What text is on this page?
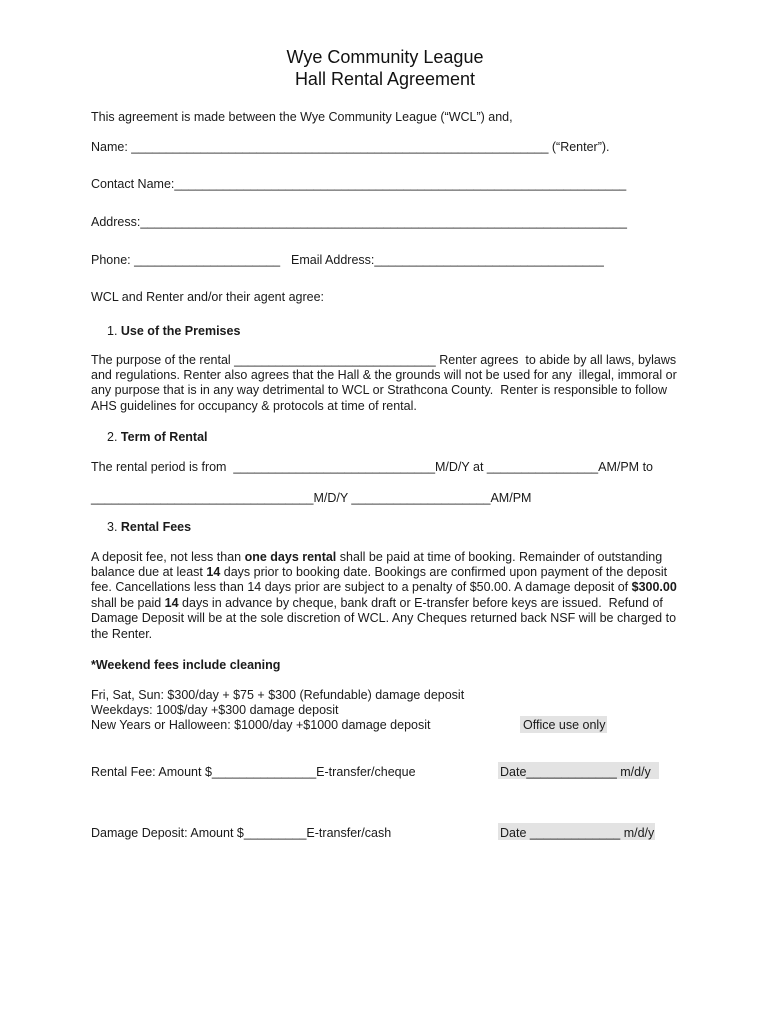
Wye Community League
Hall Rental Agreement
This agreement is made between the Wye Community League (“WCL”) and,
Name: ____________________________________________________________ (“Renter”).
Contact Name:_________________________________________________________________
Address:______________________________________________________________________
Phone: _____________________ Email Address:_________________________________
WCL and Renter and/or their agent agree:
1. Use of the Premises
The purpose of the rental _____________________________ Renter agrees  to abide by all laws, bylaws
and regulations. Renter also agrees that the Hall & the grounds will not be used for any  illegal, immoral or
any purpose that is in any way detrimental to WCL or Strathcona County.  Renter is responsible to follow
AHS guidelines for occupancy & protocols at time of rental.
2. Term of Rental
The rental period is from  _____________________________M/D/Y at ________________AM/PM to
________________________________M/D/Y ____________________AM/PM
3. Rental Fees
A deposit fee, not less than one days rental shall be paid at time of booking. Remainder of outstanding
balance due at least 14 days prior to booking date. Bookings are confirmed upon payment of the deposit
fee. Cancellations less than 14 days prior are subject to a penalty of $50.00. A damage deposit of $300.00
shall be paid 14 days in advance by cheque, bank draft or E-transfer before keys are issued.  Refund of
Damage Deposit will be at the sole discretion of WCL. Any Cheques returned back NSF will be charged to
the Renter.
*Weekend fees include cleaning
Fri, Sat, Sun: $300/day + $75 + $300 (Refundable) damage deposit
Weekdays: 100$/day +$300 damage deposit
New Years or Halloween: $1000/day +$1000 damage deposit	Office use only
Rental Fee: Amount $_______________E-transfer/cheque	Date_____________ m/d/y
Damage Deposit: Amount $_________E-transfer/cash	Date _____________ m/d/y
